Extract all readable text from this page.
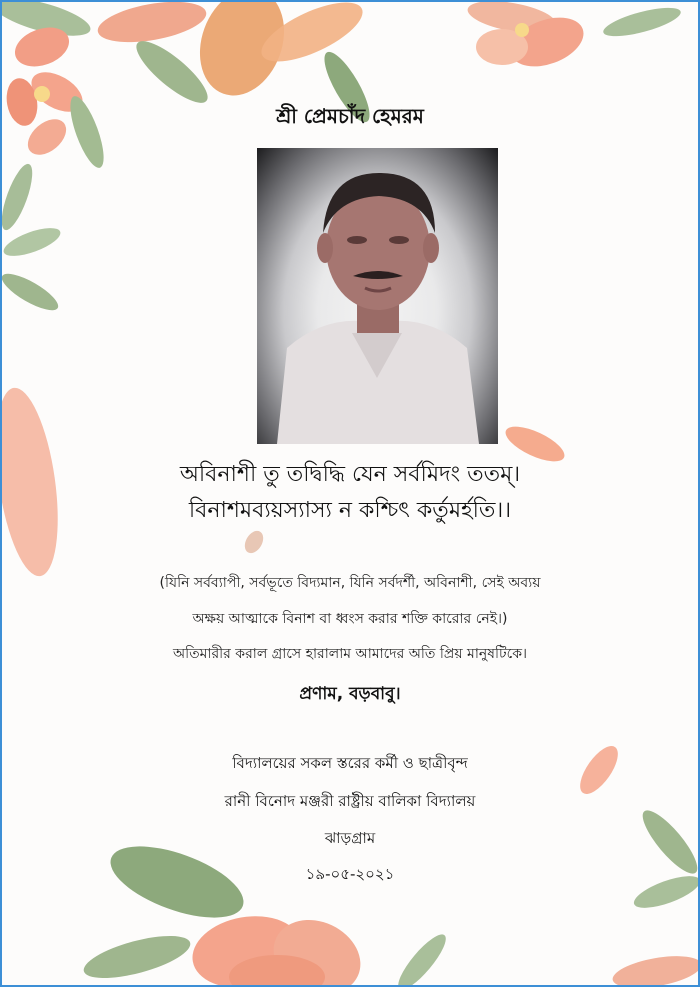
শ্রী প্রেমচাঁদ হেমরম
অবিনাশী তু তদ্বিদ্ধি যেন সর্বমিদং ততম্।
বিনাশমব্যয়স্যাস্য ন কশ্চিৎ কর্তুমর্হতি।।
(যিনি সর্বব্যাপী, সর্বভূতে বিদ্যমান, যিনি সর্বদর্শী, অবিনাশী, সেই অব্যয়
অক্ষয় আত্মাকে বিনাশ বা ধ্বংস করার শক্তি কারোর নেই।)
অতিমারীর করাল গ্রাসে হারালাম আমাদের অতি প্রিয় মানুষটিকে।
প্রণাম, বড়বাবু।
বিদ্যালয়ের সকল স্তরের কর্মী ও ছাত্রীবৃন্দ
রানী বিনোদ মঞ্জরী রাষ্ট্রীয় বালিকা বিদ্যালয়
ঝাড়গ্রাম
১৯-০৫-২০২১
